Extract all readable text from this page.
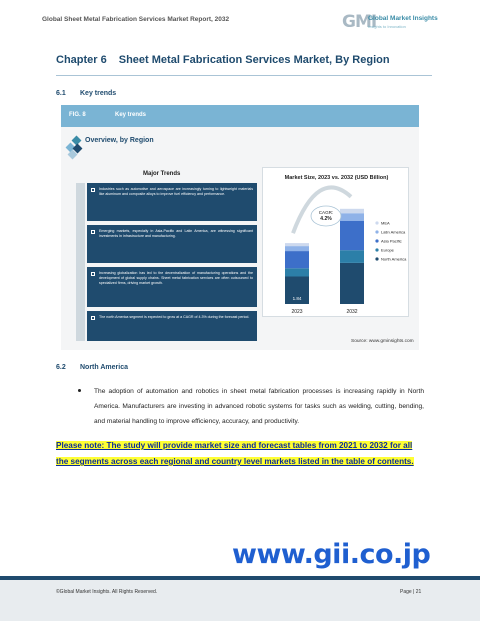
Global Sheet Metal Fabrication Services Market Report, 2032	GMI
Global Market Insights
Insights to Innovation
Chapter 6 Sheet Metal Fabrication Services Market, By Region
6.1 Key trends
FIG. 8	Key trends
Overview, by Region
Major Trends
Industries such as automotive and aerospace are increasingly turning to lightweight materials like aluminum and composite alloys to improve fuel efficiency and performance.
Emerging markets, especially in Asia-Pacific and Latin America, are witnessing significant investments in infrastructure and manufacturing.
Increasing globalization has led to the decentralization of manufacturing operations and the development of global supply chains. Sheet metal fabrication services are often outsourced to specialized firms, driving market growth.
The north America segment is expected to grow at a CAGR of 4.3% during the forecast period.
Market Size, 2023 vs. 2032 (USD Billion)
2023
1.84
2032
CAGR:
4.2%
MEA
Latin America
Asia Pacific
Europe
North America
Source: www.gminsights.com
6.2 North America
The adoption of automation and robotics in sheet metal fabrication processes is increasing rapidly in North America. Manufacturers are investing in advanced robotic systems for tasks such as welding, cutting, bending, and material handling to improve efficiency, accuracy, and productivity.
Please note: The study will provide market size and forecast tables from 2021 to 2032 for all the segments across each regional and country level markets listed in the table of contents.
www.gii.co.jp
©Global Market Insights. All Rights Reserved.	Page | 21
